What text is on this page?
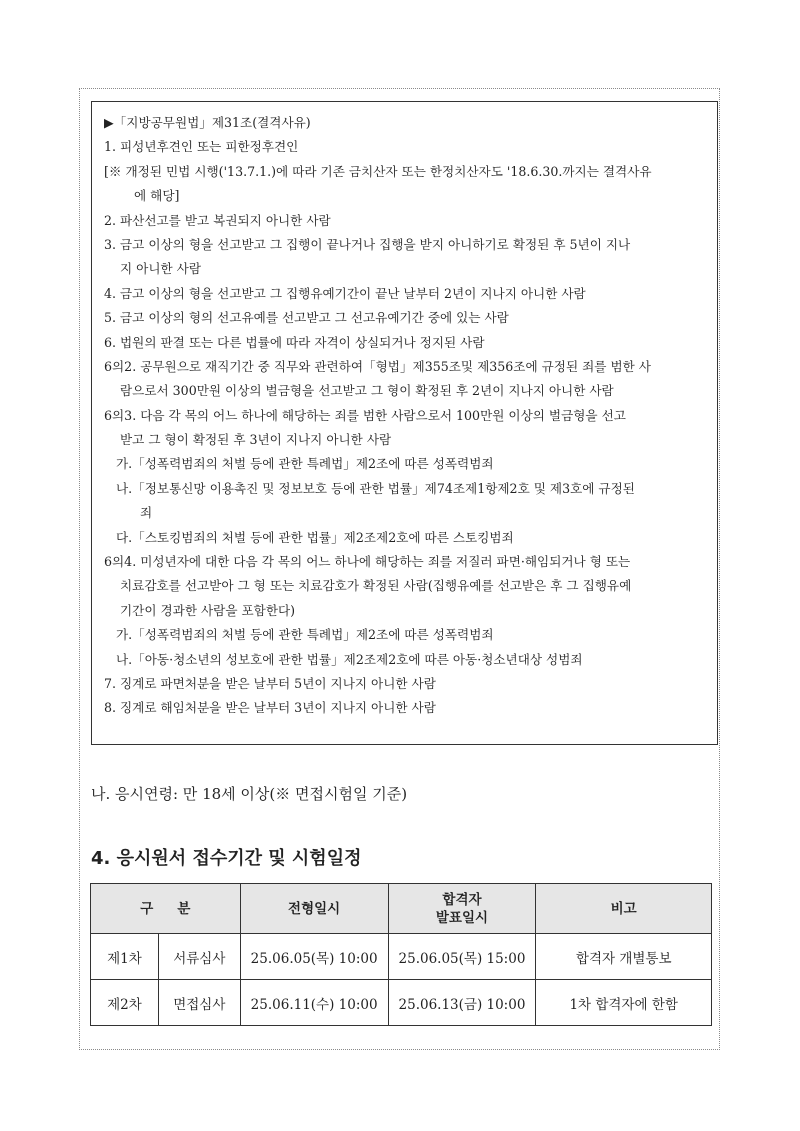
▶「지방공무원법」제31조(결격사유)
1. 피성년후견인 또는 피한정후견인
[※ 개정된 민법 시행('13.7.1.)에 따라 기존 금치산자 또는 한정치산자도 '18.6.30.까지는 결격사유
에 해당]
2. 파산선고를 받고 복권되지 아니한 사람
3. 금고 이상의 형을 선고받고 그 집행이 끝나거나 집행을 받지 아니하기로 확정된 후 5년이 지나
지 아니한 사람
4. 금고 이상의 형을 선고받고 그 집행유예기간이 끝난 날부터 2년이 지나지 아니한 사람
5. 금고 이상의 형의 선고유예를 선고받고 그 선고유예기간 중에 있는 사람
6. 법원의 판결 또는 다른 법률에 따라 자격이 상실되거나 정지된 사람
6의2. 공무원으로 재직기간 중 직무와 관련하여「형법」제355조및 제356조에 규정된 죄를 범한 사
람으로서 300만원 이상의 벌금형을 선고받고 그 형이 확정된 후 2년이 지나지 아니한 사람
6의3. 다음 각 목의 어느 하나에 해당하는 죄를 범한 사람으로서 100만원 이상의 벌금형을 선고
받고 그 형이 확정된 후 3년이 지나지 아니한 사람
가.「성폭력범죄의 처벌 등에 관한 특례법」제2조에 따른 성폭력범죄
나.「정보통신망 이용촉진 및 정보보호 등에 관한 법률」제74조제1항제2호 및 제3호에 규정된
죄
다.「스토킹범죄의 처벌 등에 관한 법률」제2조제2호에 따른 스토킹범죄
6의4. 미성년자에 대한 다음 각 목의 어느 하나에 해당하는 죄를 저질러 파면·해임되거나 형 또는
치료감호를 선고받아 그 형 또는 치료감호가 확정된 사람(집행유예를 선고받은 후 그 집행유예
기간이 경과한 사람을 포함한다)
가.「성폭력범죄의 처벌 등에 관한 특례법」제2조에 따른 성폭력범죄
나.「아동·청소년의 성보호에 관한 법률」제2조제2호에 따른 아동·청소년대상 성범죄
7. 징계로 파면처분을 받은 날부터 5년이 지나지 아니한 사람
8. 징계로 해임처분을 받은 날부터 3년이 지나지 아니한 사람
나. 응시연령: 만 18세 이상(※ 면접시험일 기준)
4. 응시원서 접수기간 및 시험일정
구 분		전형일시	합격자
발표일시	비고
제1차	서류심사	25.06.05(목) 10:00	25.06.05(목) 15:00	합격자 개별통보
제2차	면접심사	25.06.11(수) 10:00	25.06.13(금) 10:00	1차 합격자에 한함
